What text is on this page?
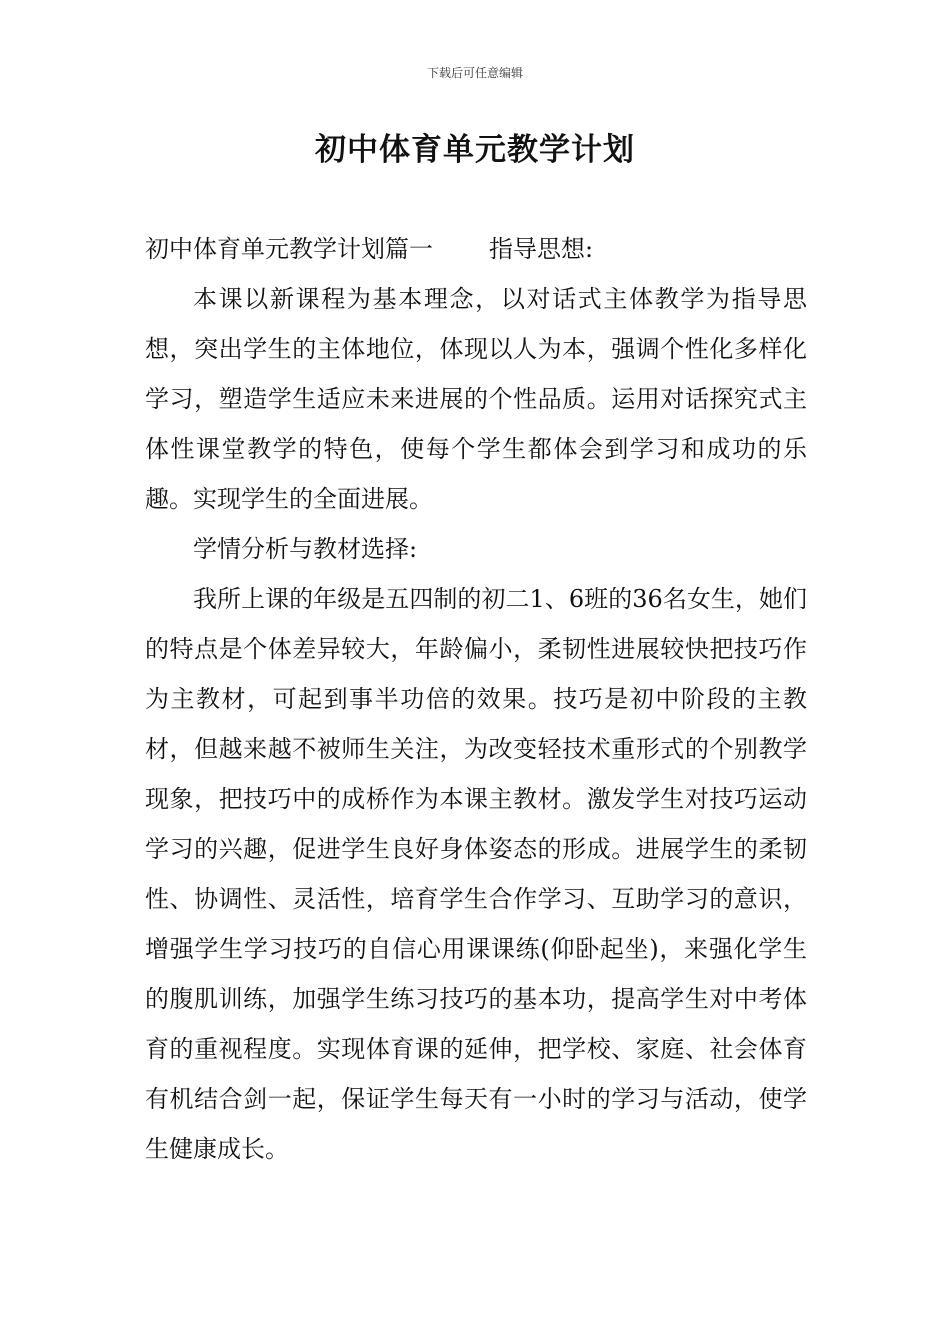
下载后可任意编辑
初中体育单元教学计划

初中体育单元教学计划篇一 指导思想:

本课以新课程为基本理念，以对话式主体教学为指导思想，突出学生的主体地位，体现以人为本，强调个性化多样化学习，塑造学生适应未来进展的个性品质。运用对话探究式主体性课堂教学的特色，使每个学生都体会到学习和成功的乐趣。实现学生的全面进展。

学情分析与教材选择:

我所上课的年级是五四制的初二1、6班的36名女生，她们的特点是个体差异较大，年龄偏小，柔韧性进展较快把技巧作为主教材，可起到事半功倍的效果。技巧是初中阶段的主教材，但越来越不被师生关注，为改变轻技术重形式的个别教学现象，把技巧中的成桥作为本课主教材。激发学生对技巧运动学习的兴趣，促进学生良好身体姿态的形成。进展学生的柔韧性、协调性、灵活性，培育学生合作学习、互助学习的意识，增强学生学习技巧的自信心用课课练(仰卧起坐)，来强化学生的腹肌训练，加强学生练习技巧的基本功，提高学生对中考体育的重视程度。实现体育课的延伸，把学校、家庭、社会体育有机结合剑一起，保证学生每天有一小时的学习与活动，使学生健康成长。
